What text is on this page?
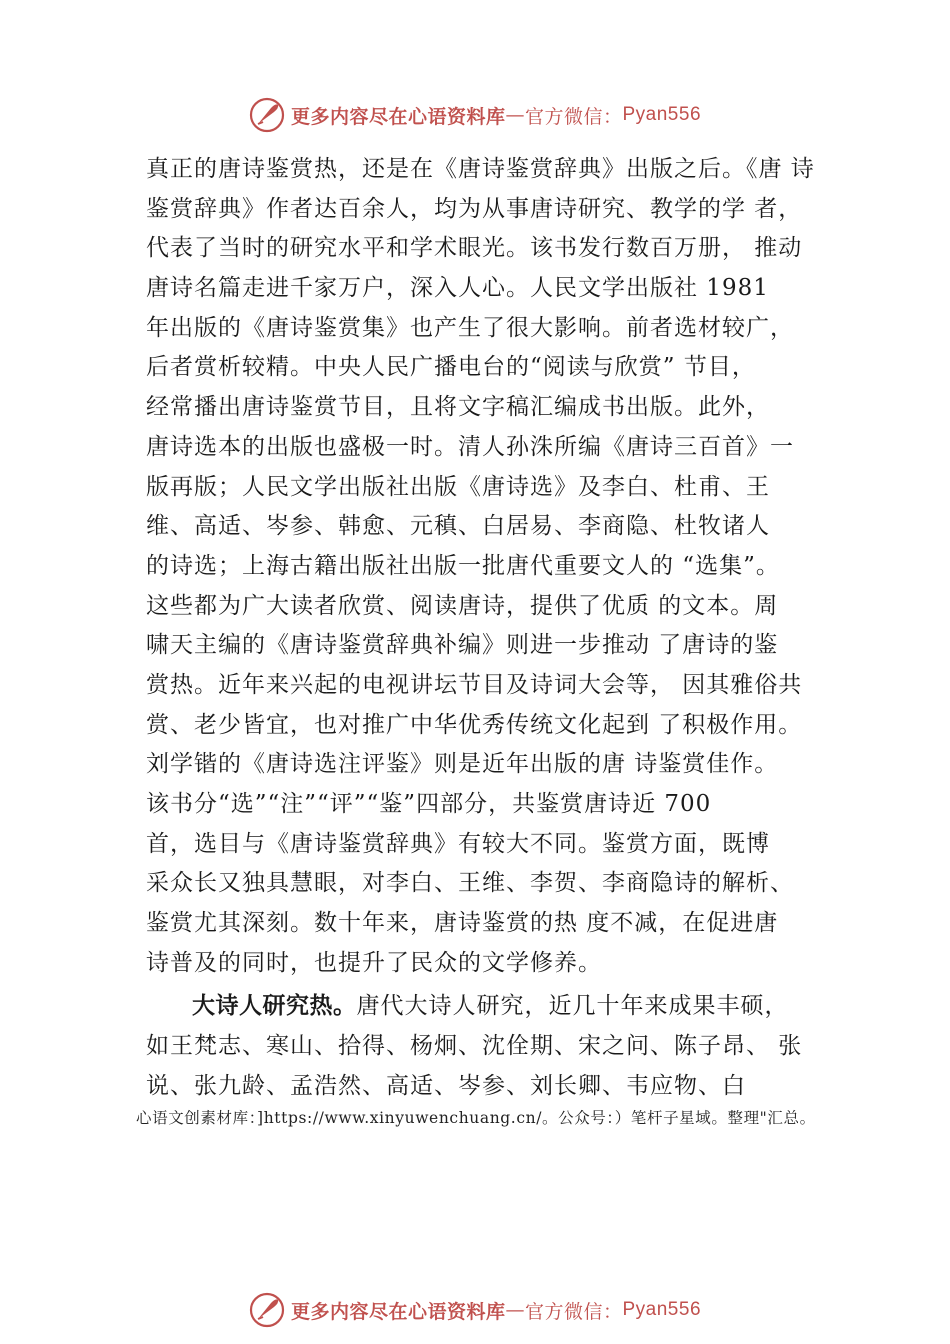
更多内容尽在心语资料库 — 官方微信： Pyan556
真正的唐诗鉴赏热，还是在《唐诗鉴赏辞典》出版之后。《唐 诗
鉴赏辞典》作者达百余人，均为从事唐诗研究、教学的学 者，
代表了当时的研究水平和学术眼光。该书发行数百万册， 推动
唐诗名篇走进千家万户，深入人心。人民文学出版社 1981
年出版的《唐诗鉴赏集》也产生了很大影响。前者选材较广，
后者赏析较精。中央人民广播电台的“阅读与欣赏” 节目，
经常播出唐诗鉴赏节目，且将文字稿汇编成书出版。此外，
唐诗选本的出版也盛极一时。清人孙洙所编《唐诗三百首》一
版再版；人民文学出版社出版《唐诗选》及李白、杜甫、王
维、高适、岑参、韩愈、元稹、白居易、李商隐、杜牧诸人
的诗选；上海古籍出版社出版一批唐代重要文人的 “选集”。
这些都为广大读者欣赏、阅读唐诗，提供了优质 的文本。周
啸天主编的《唐诗鉴赏辞典补编》则进一步推动 了唐诗的鉴
赏热。近年来兴起的电视讲坛节目及诗词大会等， 因其雅俗共
赏、老少皆宜，也对推广中华优秀传统文化起到 了积极作用。
刘学锴的《唐诗选注评鉴》则是近年出版的唐 诗鉴赏佳作。
该书分“选”“注”“评”“鉴”四部分，共鉴赏唐诗近 700
首，选目与《唐诗鉴赏辞典》有较大不同。鉴赏方面，既博
采众长又独具慧眼，对李白、王维、李贺、李商隐诗的解析、
鉴赏尤其深刻。数十年来，唐诗鉴赏的热 度不减，在促进唐
诗普及的同时，也提升了民众的文学修养。
大诗人研究热。唐代大诗人研究，近几十年来成果丰硕，
如王梵志、寒山、拾得、杨炯、沈佺期、宋之问、陈子昂、 张
说、张九龄、孟浩然、高适、岑参、刘长卿、韦应物、白
心语文创素材库：]https://www.xinyuwenchuang.cn/。公众号：）笔杆子星域。整理"汇总。
更多内容尽在心语资料库 — 官方微信： Pyan556
